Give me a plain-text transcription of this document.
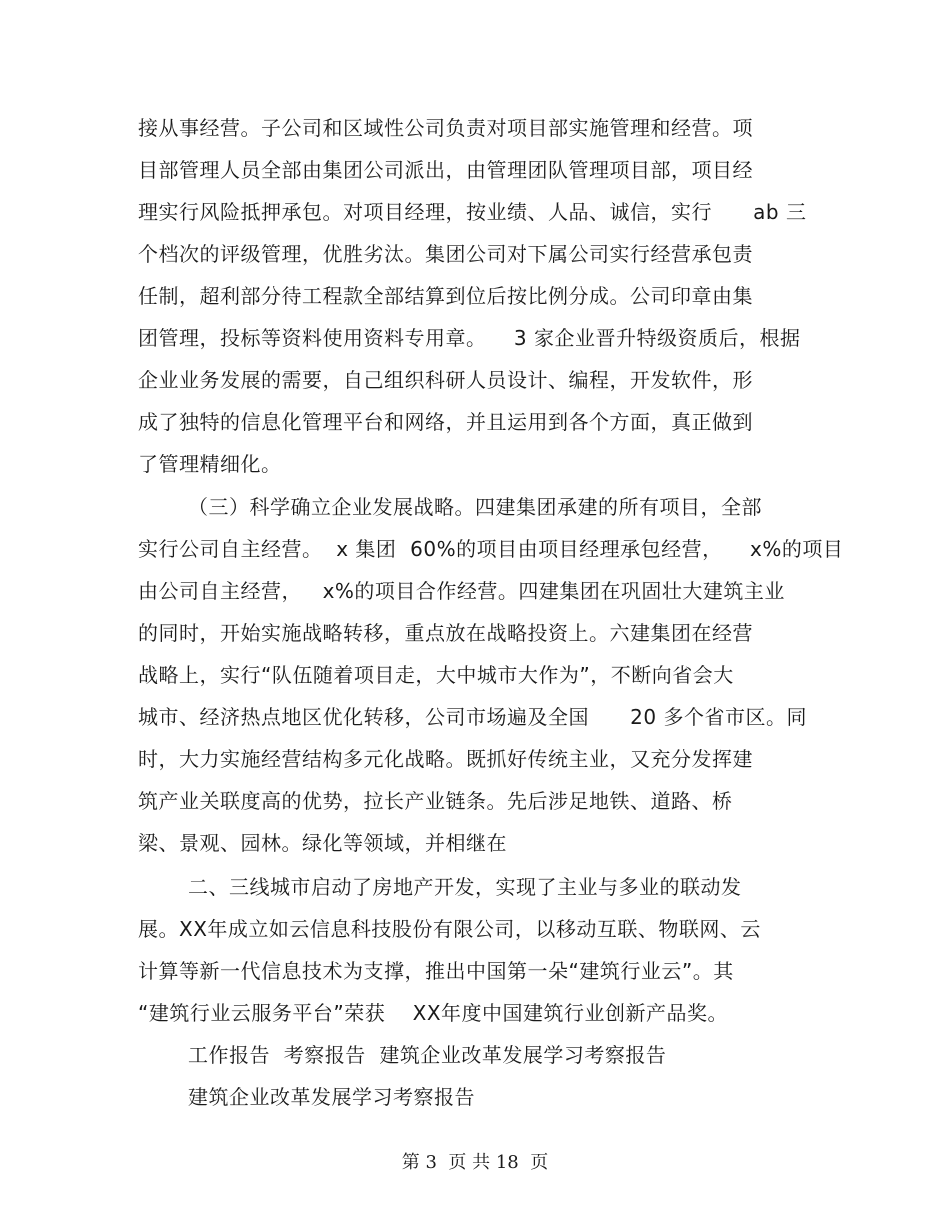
接从事经营。子公司和区域性公司负责对项目部实施管理和经营。项
目部管理人员全部由集团公司派出，由管理团队管理项目部，项目经
理实行风险抵押承包。对项目经理，按业绩、人品、诚信，实行      ab 三
个档次的评级管理，优胜劣汰。集团公司对下属公司实行经营承包责
任制，超利部分待工程款全部结算到位后按比例分成。公司印章由集
团管理，投标等资料使用资料专用章。    3 家企业晋升特级资质后，根据
企业业务发展的需要，自己组织科研人员设计、编程，开发软件，形
成了独特的信息化管理平台和网络，并且运用到各个方面，真正做到
了管理精细化。
（三）科学确立企业发展战略。四建集团承建的所有项目，全部
实行公司自主经营。  x 集团  60%的项目由项目经理承包经营，    x%的项目
由公司自主经营，   x%的项目合作经营。四建集团在巩固壮大建筑主业
的同时，开始实施战略转移，重点放在战略投资上。六建集团在经营
战略上，实行“队伍随着项目走，大中城市大作为”，不断向省会大
城市、经济热点地区优化转移，公司市场遍及全国      20 多个省市区。同
时，大力实施经营结构多元化战略。既抓好传统主业，又充分发挥建
筑产业关联度高的优势，拉长产业链条。先后涉足地铁、道路、桥
梁、景观、园林。绿化等领域，并相继在
二、三线城市启动了房地产开发，实现了主业与多业的联动发
展。XX年成立如云信息科技股份有限公司，以移动互联、物联网、云
计算等新一代信息技术为支撑，推出中国第一朵“建筑行业云”。其
“建筑行业云服务平台”荣获    XX年度中国建筑行业创新产品奖。
工作报告  考察报告  建筑企业改革发展学习考察报告
建筑企业改革发展学习考察报告
第 3  页 共 18  页
